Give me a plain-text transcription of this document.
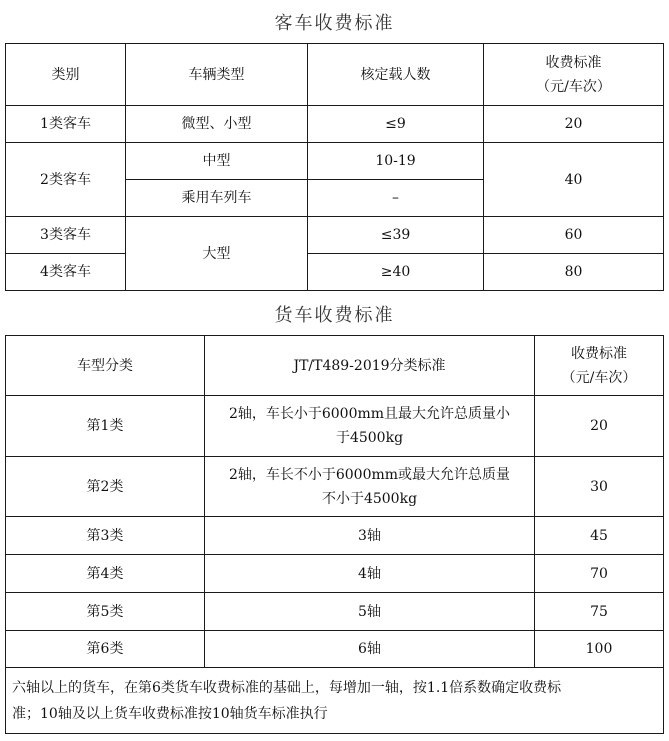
客车收费标准
类别	车辆类型	核定载人数	收费标准
（元/车次）

1类客车	微型、小型	≤9	20
2类客车	中型	10-19	40
	乘用车列车	–	
3类客车	大型	≤39	60
4类客车		≥40	80
货车收费标准
车型分类	JT/T489-2019分类标准	收费标准
（元/车次）

第1类	2轴，车长小于6000mm且最大允许总质量小
于4500kg	20
第2类	2轴，车长不小于6000mm或最大允许总质量
不小于4500kg	30
第3类	3轴	45
第4类	4轴	70
第5类	5轴	75
第6类	6轴	100

六轴以上的货车，在第6类货车收费标准的基础上，每增加一轴，按1.1倍系数确定收费标
准；10轴及以上货车收费标准按10轴货车标准执行		
